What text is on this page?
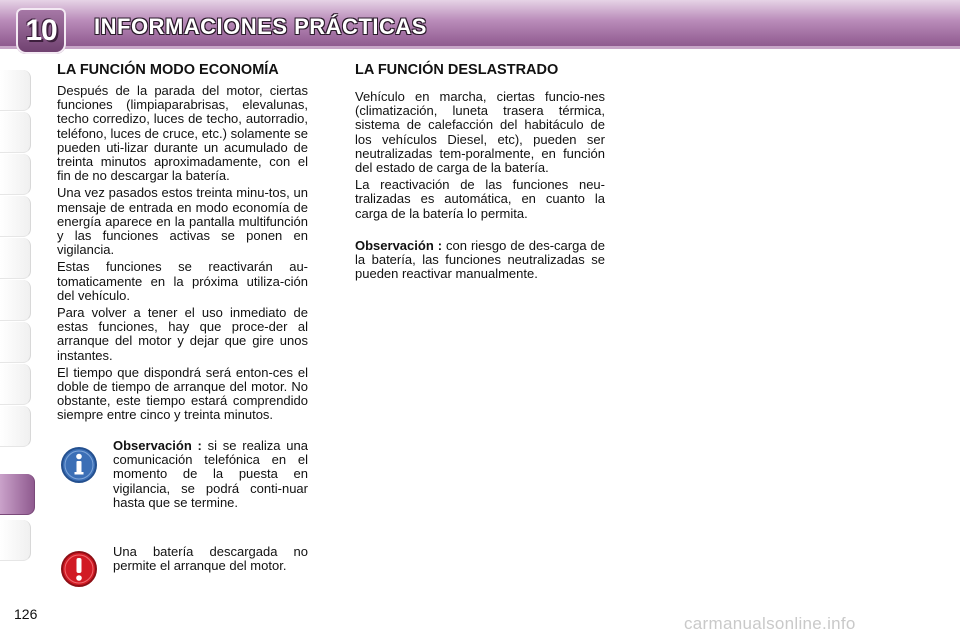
10	INFORMACIONES PRÁCTICAS
LA FUNCIÓN MODO ECONOMÍA

Después de la parada del motor, ciertas funciones (limpiaparabrisas, elevalunas, techo corredizo, luces de techo, autorradio, teléfono, luces de cruce, etc.) solamente se pueden uti-lizar durante un acumulado de treinta minutos aproximadamente, con el fin de no descargar la batería.

Una vez pasados estos treinta minu-tos, un mensaje de entrada en modo economía de energía aparece en la pantalla multifunción y las funciones activas se ponen en vigilancia.

Estas funciones se reactivarán au-tomaticamente en la próxima utiliza-ción del vehículo.

Para volver a tener el uso inmediato de estas funciones, hay que proce-der al arranque del motor y dejar que gire unos instantes.

El tiempo que dispondrá será enton-ces el doble de tiempo de arranque del motor. No obstante, este tiempo estará comprendido siempre entre cinco y treinta minutos.

Observación : si se realiza una comunicación telefónica en el momento de la puesta en vigilancia, se podrá conti-nuar hasta que se termine.
Una batería descargada no permite el arranque del motor.
LA FUNCIÓN DESLASTRADO

Vehículo en marcha, ciertas funcio-nes (climatización, luneta trasera térmica, sistema de calefacción del habitáculo de los vehículos Diesel, etc), pueden ser neutralizadas tem-poralmente, en función del estado de carga de la batería.

La reactivación de las funciones neu-tralizadas es automática, en cuanto la carga de la batería lo permita.

Observación : con riesgo de des-carga de la batería, las funciones neutralizadas se pueden reactivar manualmente.

126	carmanualsonline.info
